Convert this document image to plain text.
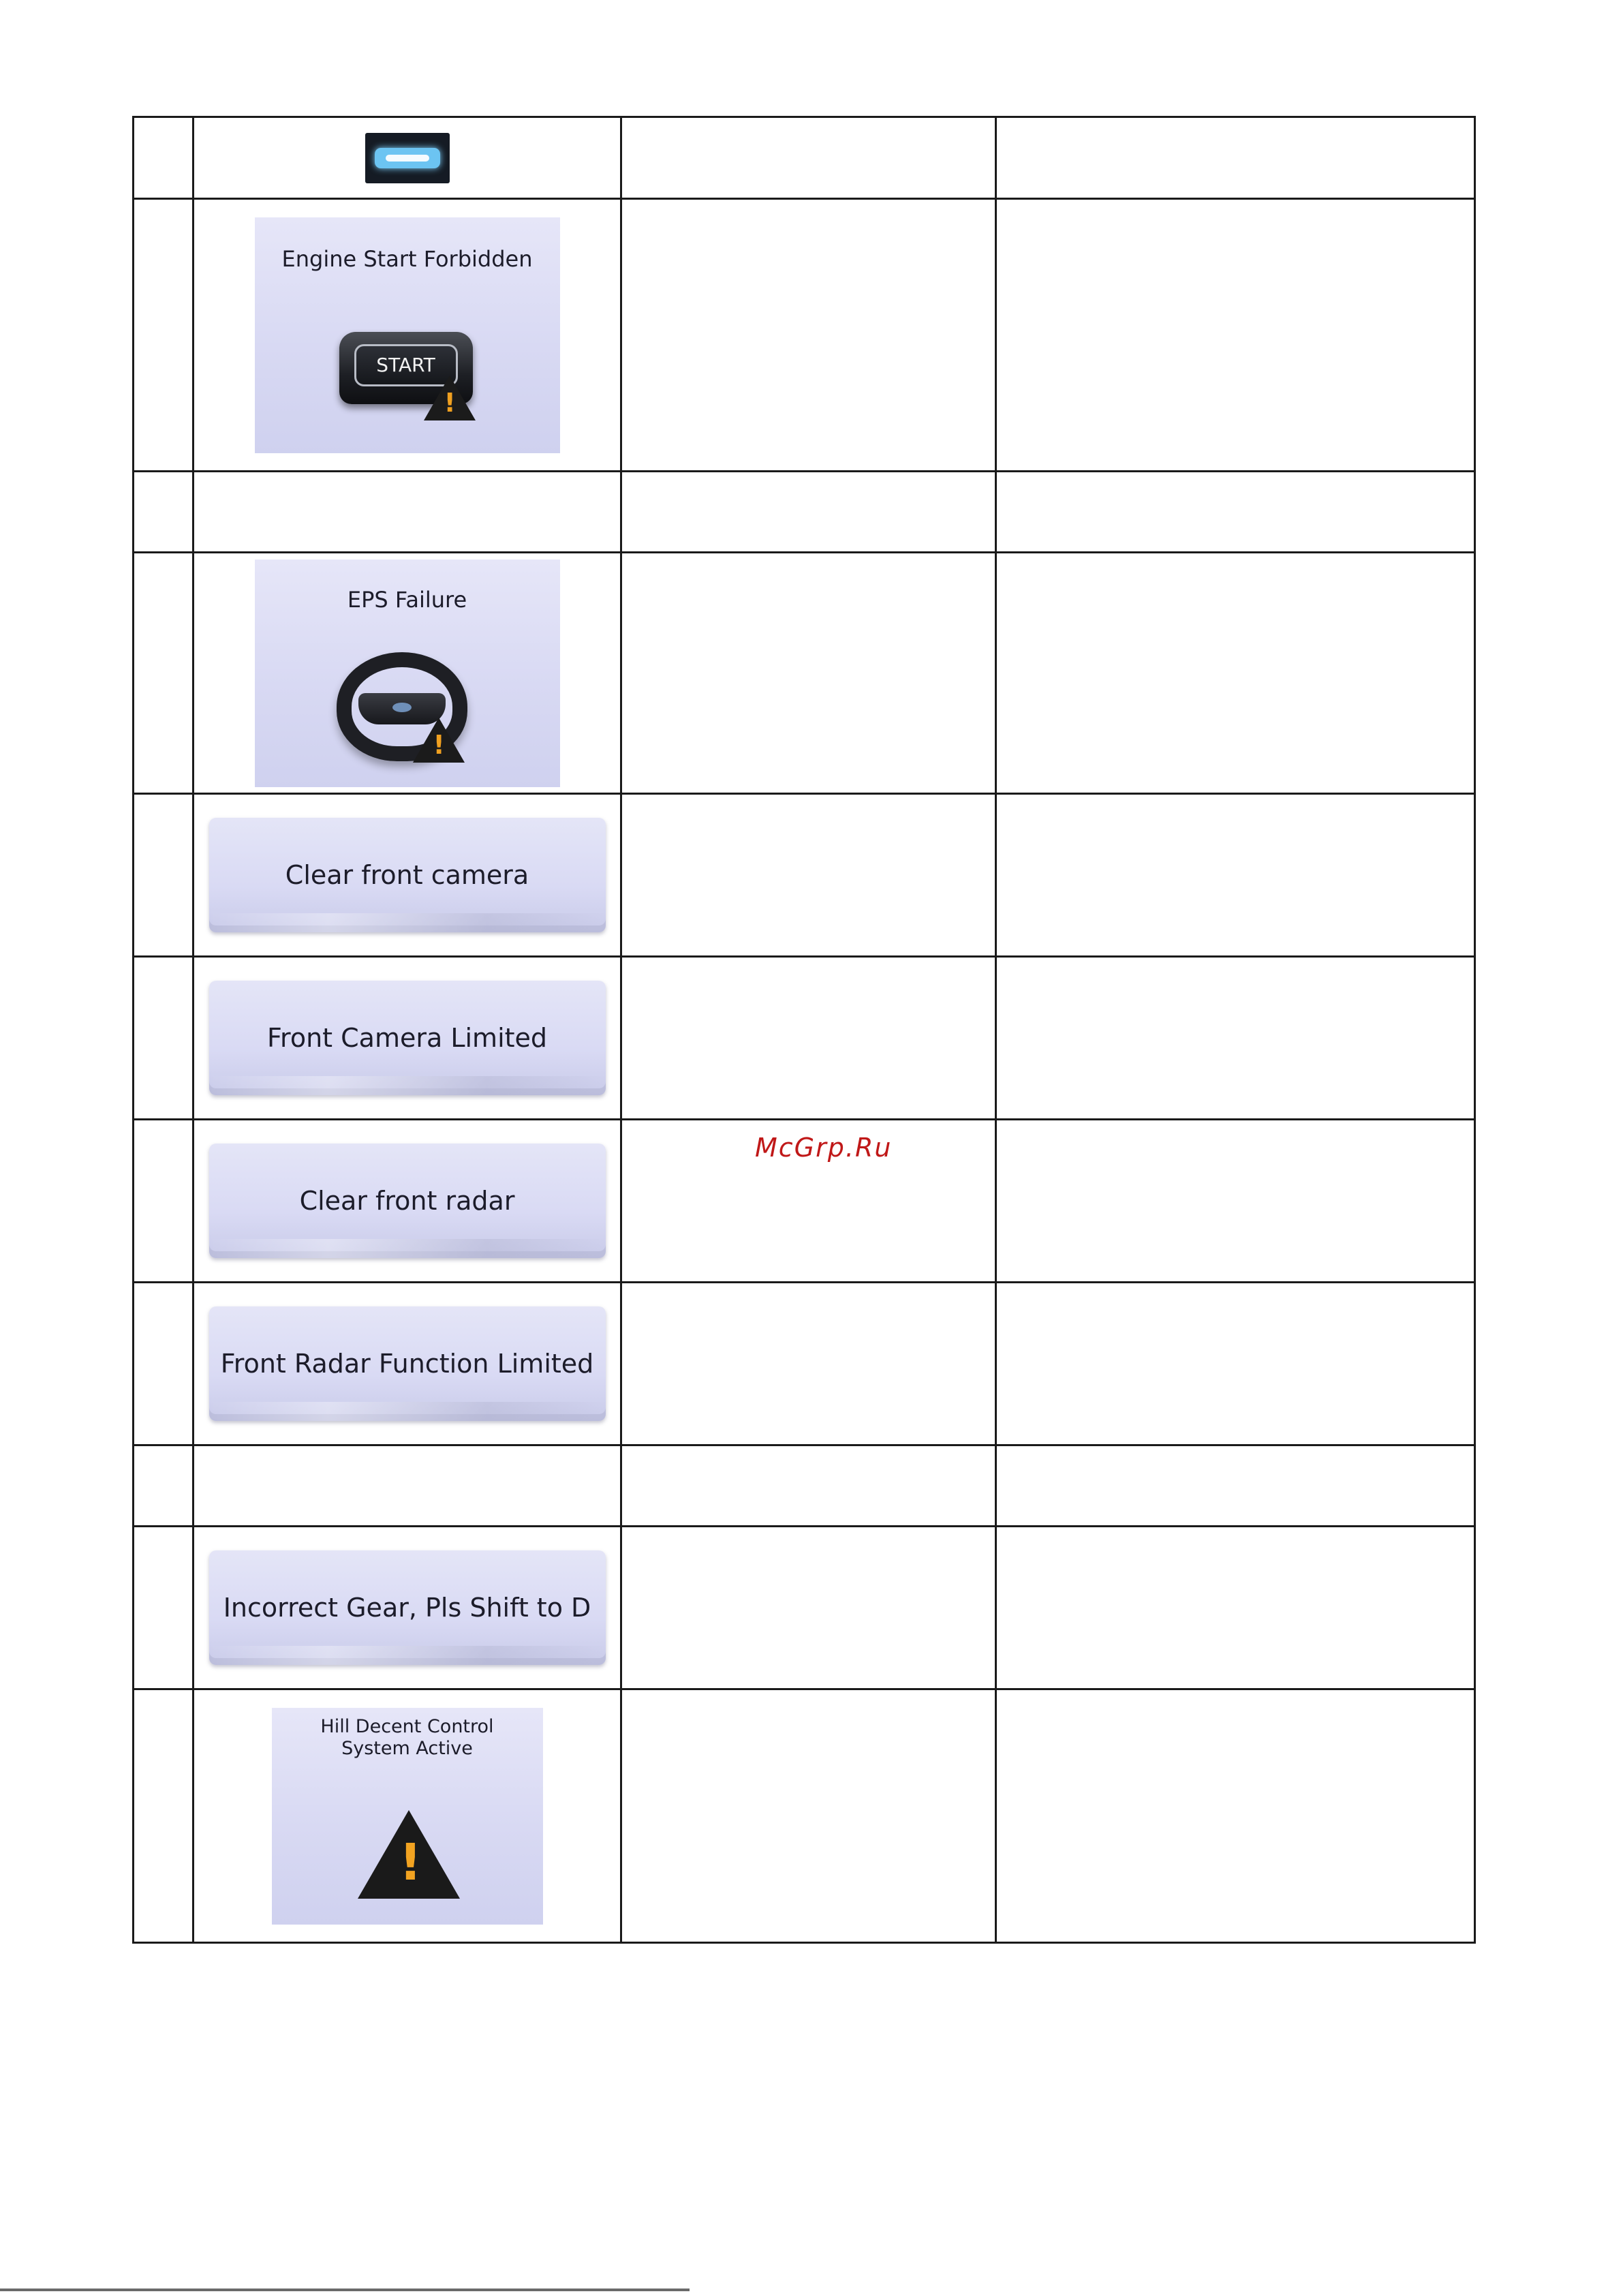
McGrp.Ru

	Engine Start Forbidden
START
!		

	EPS Failure
!		

Clear front camera		

Front Camera Limited		

Clear front radar		

Front Radar Function Limited		

Incorrect Gear, Pls Shift to D		

	Hill Decent Control System Active
!		
